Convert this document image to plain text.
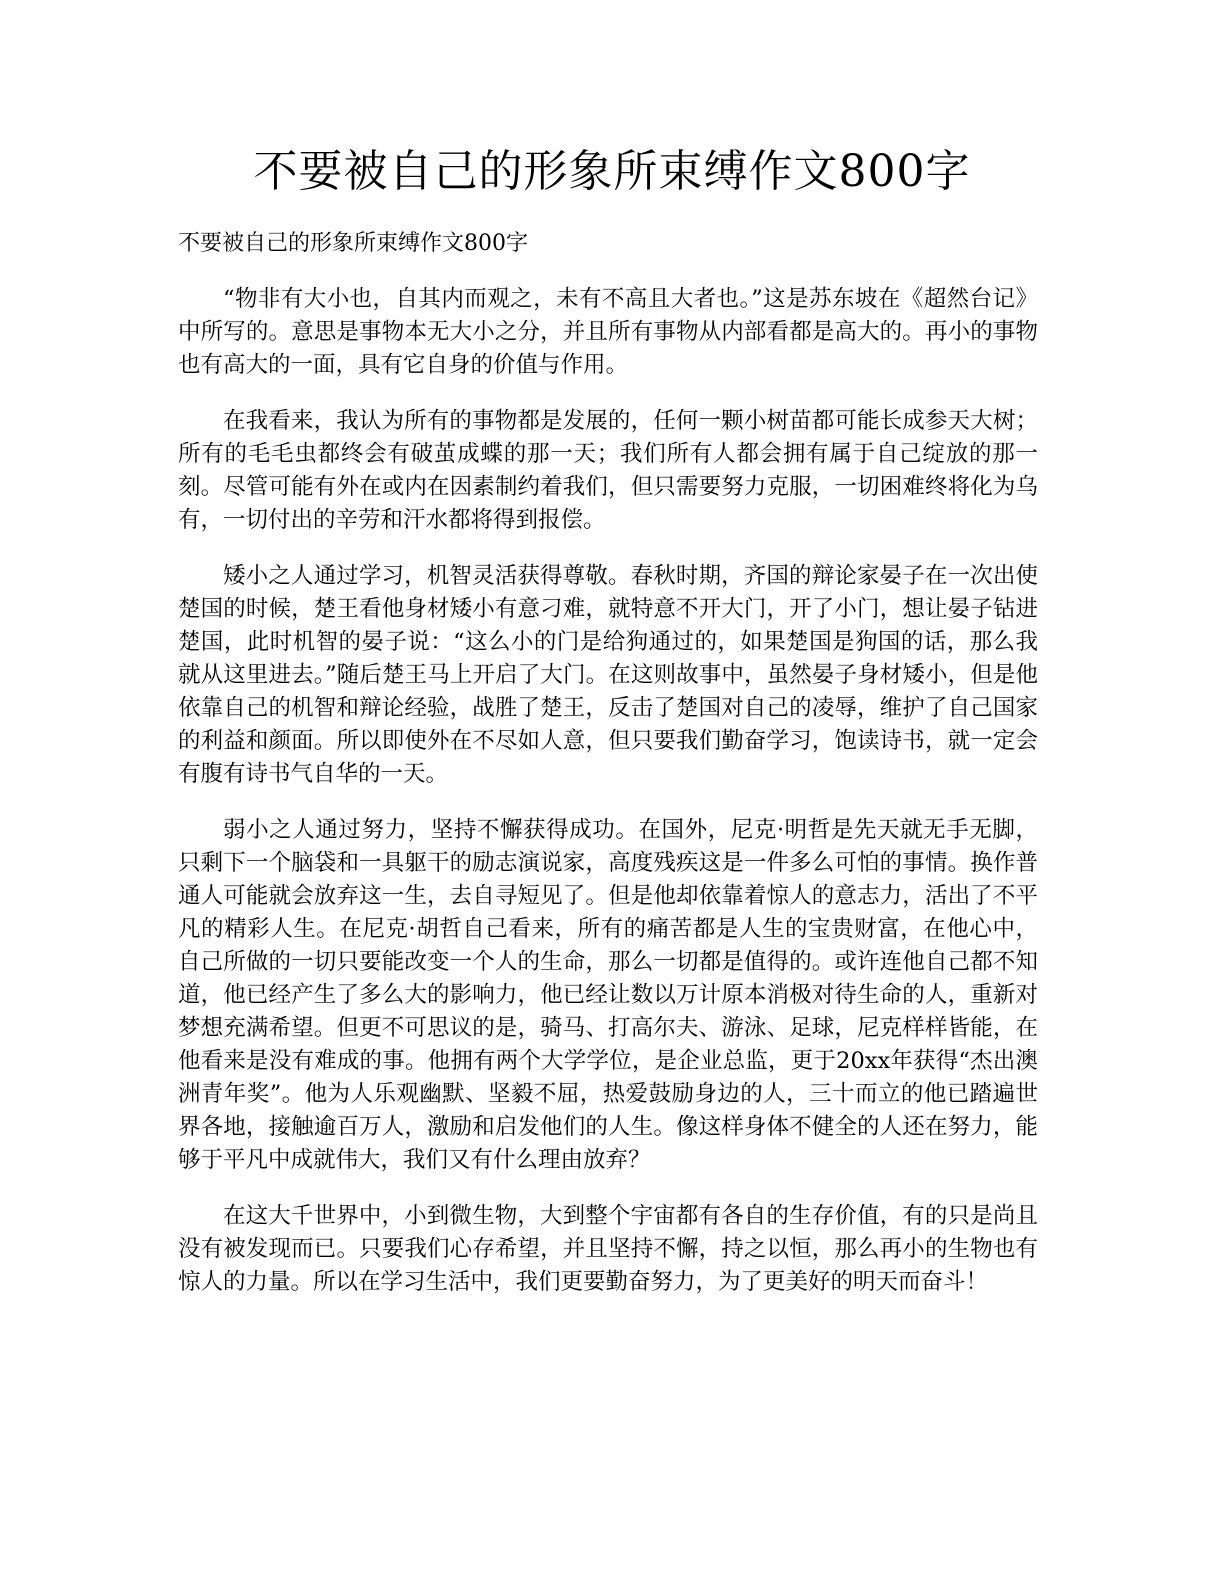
不要被自己的形象所束缚作文800字

不要被自己的形象所束缚作文800字

“物非有大小也，自其内而观之，未有不高且大者也。”这是苏东坡在《超然台记》中所写的。意思是事物本无大小之分，并且所有事物从内部看都是高大的。再小的事物也有高大的一面，具有它自身的价值与作用。

在我看来，我认为所有的事物都是发展的，任何一颗小树苗都可能长成参天大树；所有的毛毛虫都终会有破茧成蝶的那一天；我们所有人都会拥有属于自己绽放的那一刻。尽管可能有外在或内在因素制约着我们，但只需要努力克服，一切困难终将化为乌有，一切付出的辛劳和汗水都将得到报偿。

矮小之人通过学习，机智灵活获得尊敬。春秋时期，齐国的辩论家晏子在一次出使楚国的时候，楚王看他身材矮小有意刁难，就特意不开大门，开了小门，想让晏子钻进楚国，此时机智的晏子说：“这么小的门是给狗通过的，如果楚国是狗国的话，那么我就从这里进去。”随后楚王马上开启了大门。在这则故事中，虽然晏子身材矮小，但是他依靠自己的机智和辩论经验，战胜了楚王，反击了楚国对自己的凌辱，维护了自己国家的利益和颜面。所以即使外在不尽如人意，但只要我们勤奋学习，饱读诗书，就一定会有腹有诗书气自华的一天。

弱小之人通过努力，坚持不懈获得成功。在国外，尼克·明哲是先天就无手无脚，只剩下一个脑袋和一具躯干的励志演说家，高度残疾这是一件多么可怕的事情。换作普通人可能就会放弃这一生，去自寻短见了。但是他却依靠着惊人的意志力，活出了不平凡的精彩人生。在尼克·胡哲自己看来，所有的痛苦都是人生的宝贵财富，在他心中，自己所做的一切只要能改变一个人的生命，那么一切都是值得的。或许连他自己都不知道，他已经产生了多么大的影响力，他已经让数以万计原本消极对待生命的人，重新对梦想充满希望。但更不可思议的是，骑马、打高尔夫、游泳、足球，尼克样样皆能，在他看来是没有难成的事。他拥有两个大学学位，是企业总监，更于20xx年获得“杰出澳洲青年奖”。他为人乐观幽默、坚毅不屈，热爱鼓励身边的人，三十而立的他已踏遍世界各地，接触逾百万人，激励和启发他们的人生。像这样身体不健全的人还在努力，能够于平凡中成就伟大，我们又有什么理由放弃？

在这大千世界中，小到微生物，大到整个宇宙都有各自的生存价值，有的只是尚且没有被发现而已。只要我们心存希望，并且坚持不懈，持之以恒，那么再小的生物也有惊人的力量。所以在学习生活中，我们更要勤奋努力，为了更美好的明天而奋斗！
